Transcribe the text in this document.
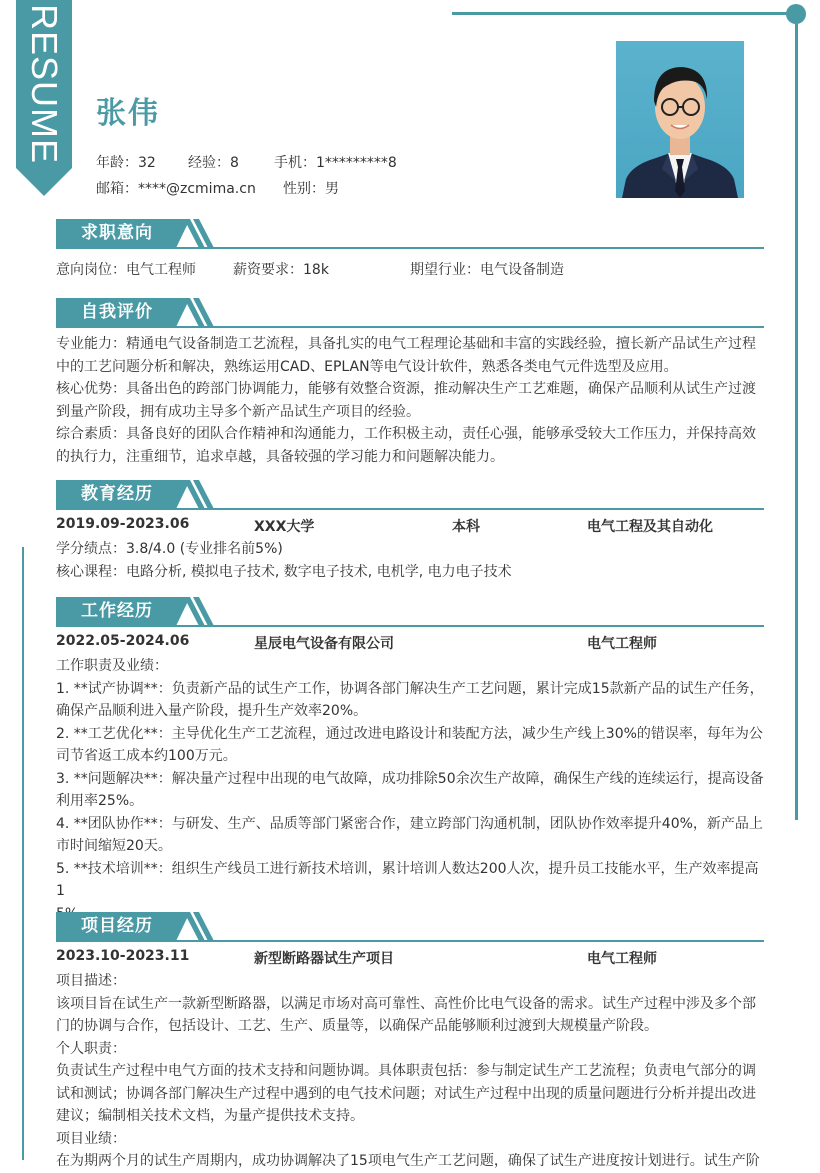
RESUME 张伟
年龄：32 经验：8	手机：1*********8
邮箱：****@zcmima.cn 性别：男
求职意向
意向岗位：电气工程师	薪资要求：18k	期望行业：电气设备制造
自我评价
专业能力：精通电气设备制造工艺流程，具备扎实的电气工程理论基础和丰富的实践经验，擅长新产品试生产过程
中的工艺问题分析和解决，熟练运用CAD、EPLAN等电气设计软件，熟悉各类电气元件选型及应用。
核心优势：具备出色的跨部门协调能力，能够有效整合资源，推动解决生产工艺难题，确保产品顺利从试生产过渡
到量产阶段，拥有成功主导多个新产品试生产项目的经验。
综合素质：具备良好的团队合作精神和沟通能力，工作积极主动，责任心强，能够承受较大工作压力，并保持高效
的执行力，注重细节，追求卓越，具备较强的学习能力和问题解决能力。
教育经历
2019.09-2023.06	XXX大学	本科	电气工程及其自动化
学分绩点：3.8/4.0 (专业排名前5%)
核心课程：电路分析, 模拟电子技术, 数字电子技术, 电机学, 电力电子技术
工作经历
2022.05-2024.06	星辰电气设备有限公司	电气工程师
工作职责及业绩：
1. **试产协调**：负责新产品的试生产工作，协调各部门解决生产工艺问题，累计完成15款新产品的试生产任务，
确保产品顺利进入量产阶段，提升生产效率20%。
2. **工艺优化**：主导优化生产工艺流程，通过改进电路设计和装配方法，减少生产线上30%的错误率，每年为公
司节省返工成本约100万元。
3. **问题解决**：解决量产过程中出现的电气故障，成功排除50余次生产故障，确保生产线的连续运行，提高设备
利用率25%。
4. **团队协作**：与研发、生产、品质等部门紧密合作，建立跨部门沟通机制，团队协作效率提升40%，新产品上
市时间缩短20天。
5. **技术培训**：组织生产线员工进行新技术培训，累计培训人数达200人次，提升员工技能水平，生产效率提高1
项目经历
2023.10-2023.11	新型断路器试生产项目	电气工程师
项目描述：
该项目旨在试生产一款新型断路器，以满足市场对高可靠性、高性价比电气设备的需求。试生产过程中涉及多个部
门的协调与合作，包括设计、工艺、生产、质量等，以确保产品能够顺利过渡到大规模量产阶段。
个人职责：
负责试生产过程中电气方面的技术支持和问题协调。具体职责包括：参与制定试生产工艺流程；负责电气部分的调
试和测试；协调各部门解决生产过程中遇到的电气技术问题；对试生产过程中出现的质量问题进行分析并提出改进
建议；编制相关技术文档，为量产提供技术支持。
项目业绩：
在为期两个月的试生产周期内，成功协调解决了15项电气生产工艺问题，确保了试生产进度按计划进行。试生产阶
